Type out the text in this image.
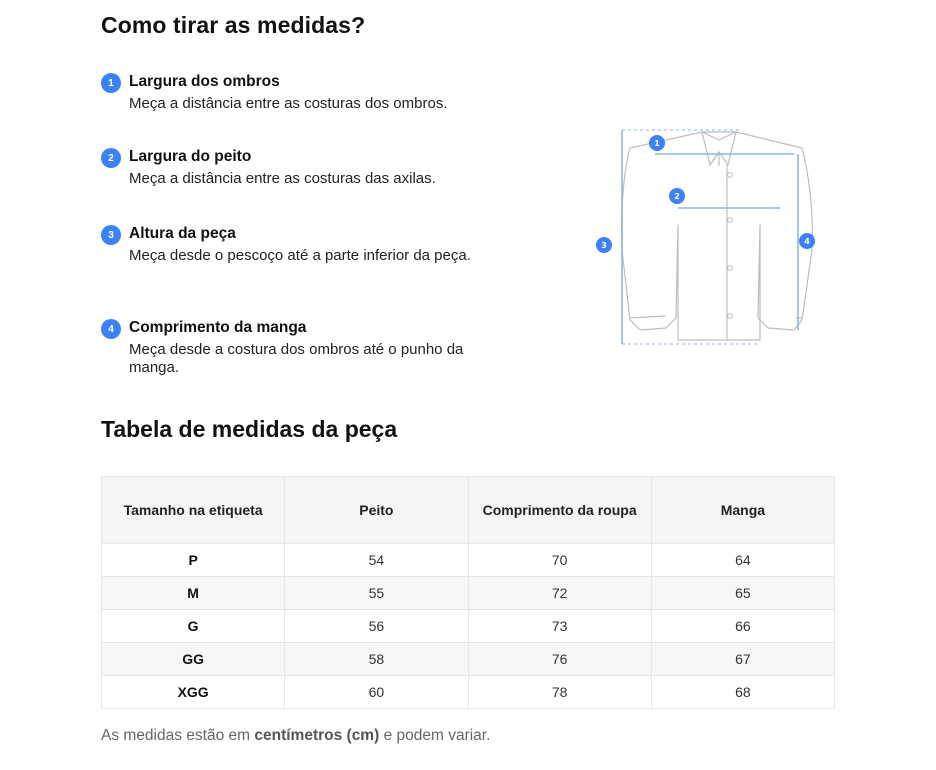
Como tirar as medidas?
1 Largura dos ombros
Meça a distância entre as costuras dos ombros.
2 Largura do peito
Meça a distância entre as costuras das axilas.
3 Altura da peça
Meça desde o pescoço até a parte inferior da peça.
4 Comprimento da manga
Meça desde a costura dos ombros até o punho da manga.
1
2
3	4
Tabela de medidas da peça
Tamanho na etiqueta	Peito	Comprimento da roupa	Manga
P	54	70	64
M	55	72	65
G	56	73	66
GG	58	76	67
XGG	60	78	68
As medidas estão em centímetros (cm) e podem variar.
